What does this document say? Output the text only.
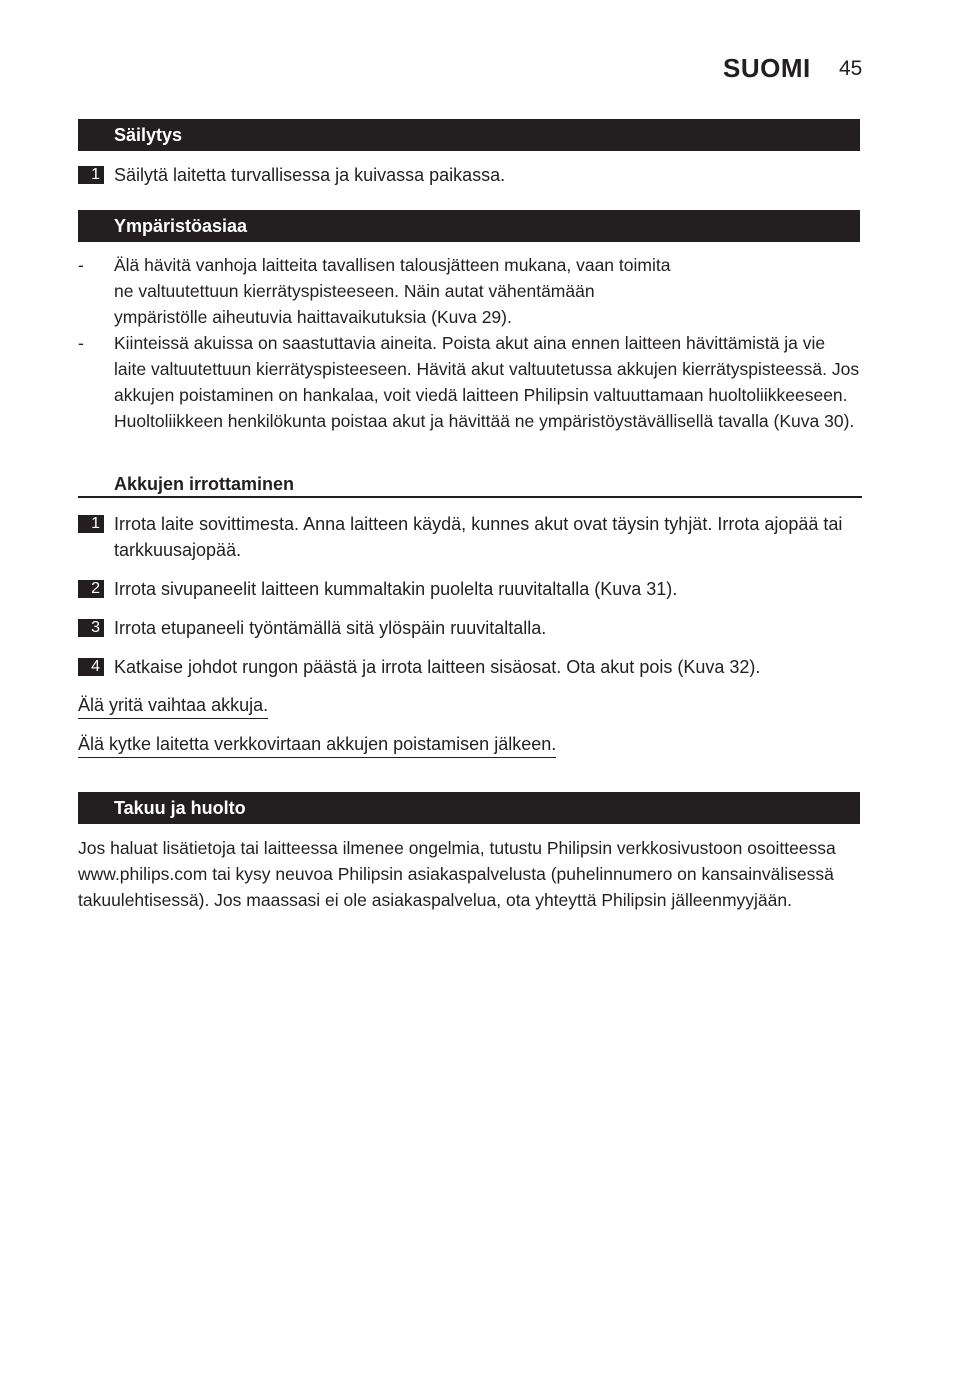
SUOMI 45
Säilytys
1 Säilytä laitetta turvallisessa ja kuivassa paikassa.
Ympäristöasiaa
- Älä hävitä vanhoja laitteita tavallisen talousjätteen mukana, vaan toimita ne valtuutettuun kierrätyspisteeseen. Näin autat vähentämään ympäristölle aiheutuvia haittavaikutuksia (Kuva 29).
- Kiinteissä akuissa on saastuttavia aineita. Poista akut aina ennen laitteen hävittämistä ja vie laite valtuutettuun kierrätyspisteeseen. Hävitä akut valtuutetussa akkujen kierrätyspisteessä. Jos akkujen poistaminen on hankalaa, voit viedä laitteen Philipsin valtuuttamaan huoltoliikkeeseen. Huoltoliikkeen henkilökunta poistaa akut ja hävittää ne ympäristöystävällisellä tavalla (Kuva 30).
Akkujen irrottaminen
1 Irrota laite sovittimesta. Anna laitteen käydä, kunnes akut ovat täysin tyhjät. Irrota ajopää tai tarkkuusajopää.
2 Irrota sivupaneelit laitteen kummaltakin puolelta ruuvitaltalla (Kuva 31).
3 Irrota etupaneeli työntämällä sitä ylöspäin ruuvitaltalla.
4 Katkaise johdot rungon päästä ja irrota laitteen sisäosat. Ota akut pois (Kuva 32).
Älä yritä vaihtaa akkuja.
Älä kytke laitetta verkkovirtaan akkujen poistamisen jälkeen.
Takuu ja huolto
Jos haluat lisätietoja tai laitteessa ilmenee ongelmia, tutustu Philipsin verkkosivustoon osoitteessa www.philips.com tai kysy neuvoa Philipsin asiakaspalvelusta (puhelinnumero on kansainvälisessä takuulehtisessä). Jos maassasi ei ole asiakaspalvelua, ota yhteyttä Philipsin jälleenmyyjään.
